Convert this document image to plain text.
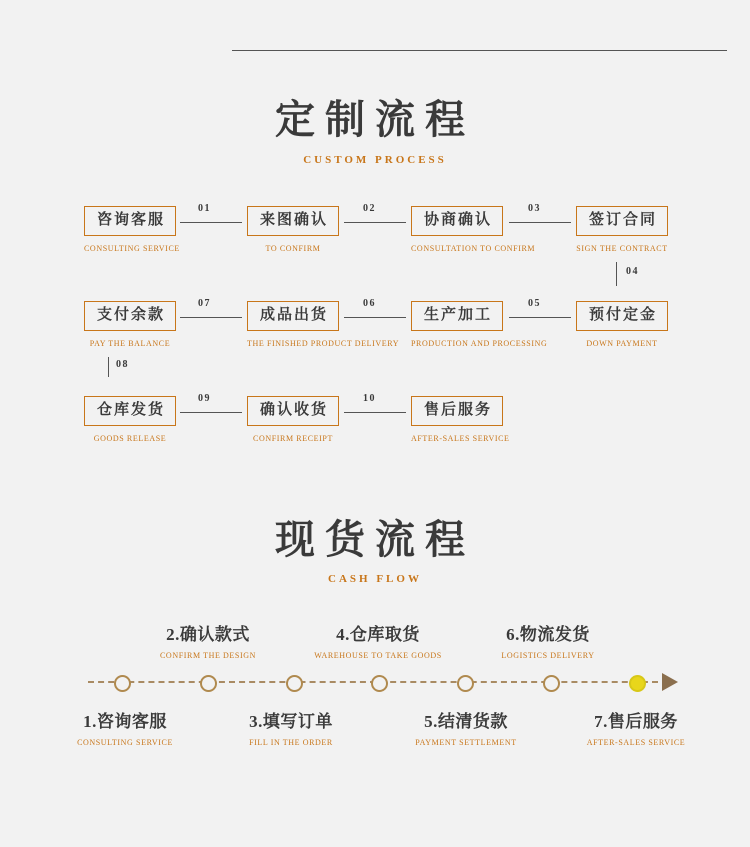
定制流程
CUSTOM PROCESS
咨询客服
CONSULTING SERVICE
01
来图确认
TO CONFIRM
02
协商确认
CONSULTATION TO CONFIRM
03
签订合同
SIGN THE CONTRACT
04
预付定金
DOWN PAYMENT
05
生产加工
PRODUCTION AND PROCESSING
06
成品出货
THE FINISHED PRODUCT DELIVERY
07
支付余款
PAY THE BALANCE
08
仓库发货
GOODS RELEASE
09
确认收货
CONFIRM RECEIPT
10
售后服务
AFTER-SALES SERVICE
现货流程
CASH FLOW
2.确认款式
CONFIRM THE DESIGN
4.仓库取货
WAREHOUSE TO TAKE GOODS
6.物流发货
LOGISTICS DELIVERY
1.咨询客服
CONSULTING SERVICE
3.填写订单
FILL IN THE ORDER
5.结清货款
PAYMENT SETTLEMENT
7.售后服务
AFTER-SALES SERVICE
